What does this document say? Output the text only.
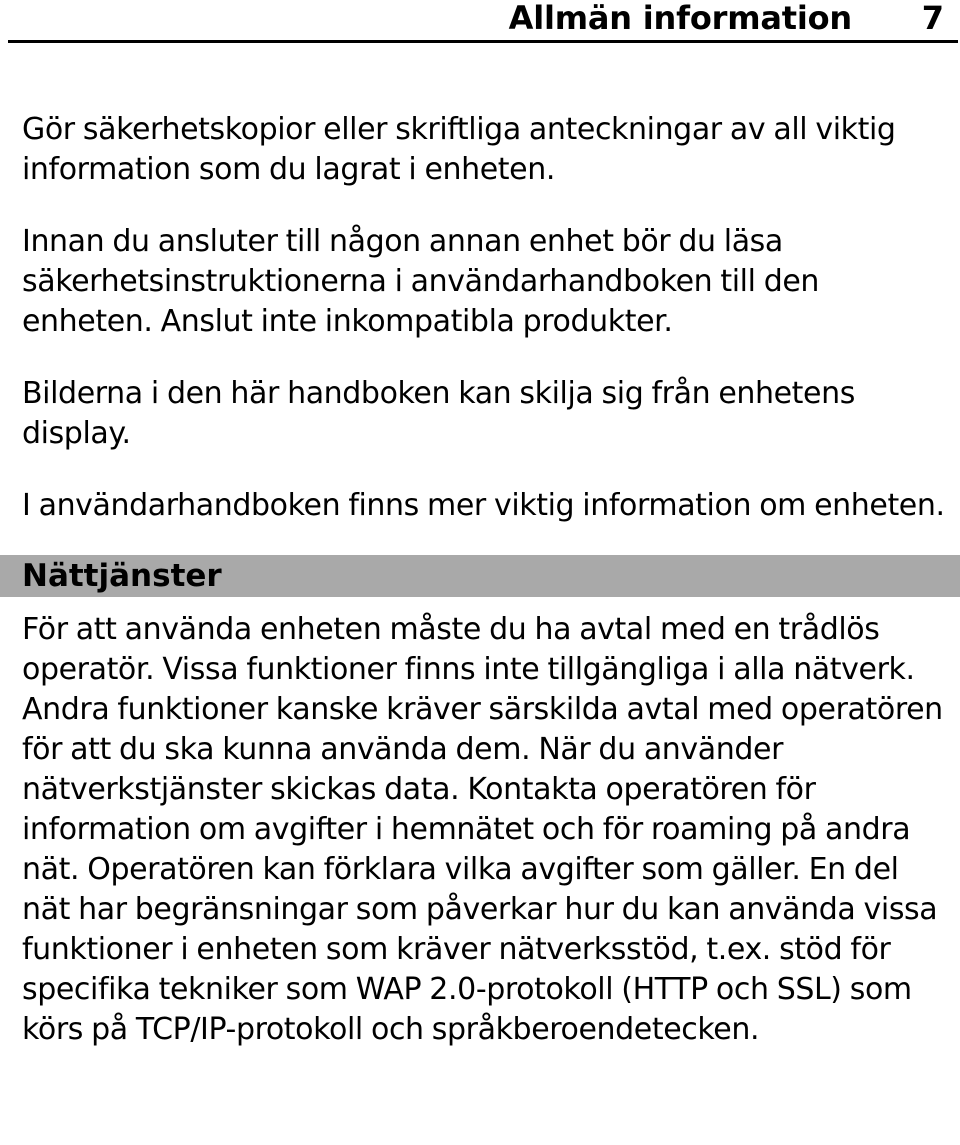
Allmän information 7

Gör säkerhetskopior eller skriftliga anteckningar av all viktig information som du lagrat i enheten.

Innan du ansluter till någon annan enhet bör du läsa säkerhetsinstruktionerna i användarhandboken till den enheten. Anslut inte inkompatibla produkter.

Bilderna i den här handboken kan skilja sig från enhetens display.

I användarhandboken finns mer viktig information om enheten.

Nättjänster

För att använda enheten måste du ha avtal med en trådlös operatör. Vissa funktioner finns inte tillgängliga i alla nätverk. Andra funktioner kanske kräver särskilda avtal med operatören för att du ska kunna använda dem. När du använder nätverkstjänster skickas data. Kontakta operatören för information om avgifter i hemnätet och för roaming på andra nät. Operatören kan förklara vilka avgifter som gäller. En del nät har begränsningar som påverkar hur du kan använda vissa funktioner i enheten som kräver nätverksstöd, t.ex. stöd för specifika tekniker som WAP 2.0-protokoll (HTTP och SSL) som körs på TCP/IP-protokoll och språkberoendetecken.
